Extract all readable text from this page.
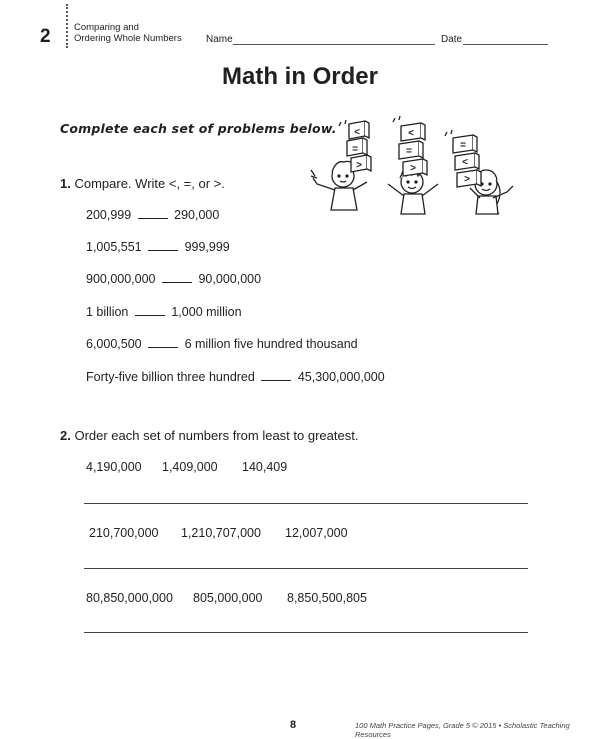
2 Comparing and
Ordering Whole Numbers Name	Date
Math in Order
Complete each set of problems below. <
=
>
<
=
>
=
<
>
1. Compare. Write <, =, or >.
200,999	290,000
1,005,551	999,999
900,000,000	90,000,000
1 billion	1,000 million
6,000,500	6 million five hundred thousand
Forty-five billion three hundred	45,300,000,000
2. Order each set of numbers from least to greatest.
4,190,000 1,409,000 140,409
210,700,000 1,210,707,000 12,007,000
80,850,000,000 805,000,000 8,850,500,805
8	100 Math Practice Pages, Grade 5 © 2015 • Scholastic Teaching Resources
